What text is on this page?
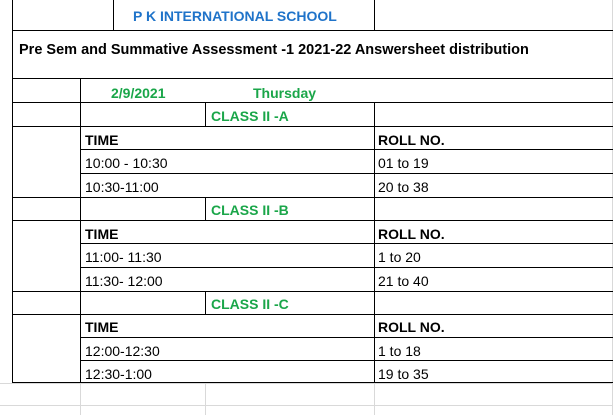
P K INTERNATIONAL SCHOOL
Pre Sem and Summative Assessment -1 2021-22 Answersheet distribution
2/9/2021	Thursday
CLASS II -A
TIME	ROLL NO.
10:00 - 10:30	01 to 19
10:30-11:00	20 to 38
CLASS II -B
TIME	ROLL NO.
11:00- 11:30	1 to 20
11:30- 12:00	21 to 40
CLASS II -C
TIME	ROLL NO.
12:00-12:30	1 to 18
12:30-1:00	19 to 35
